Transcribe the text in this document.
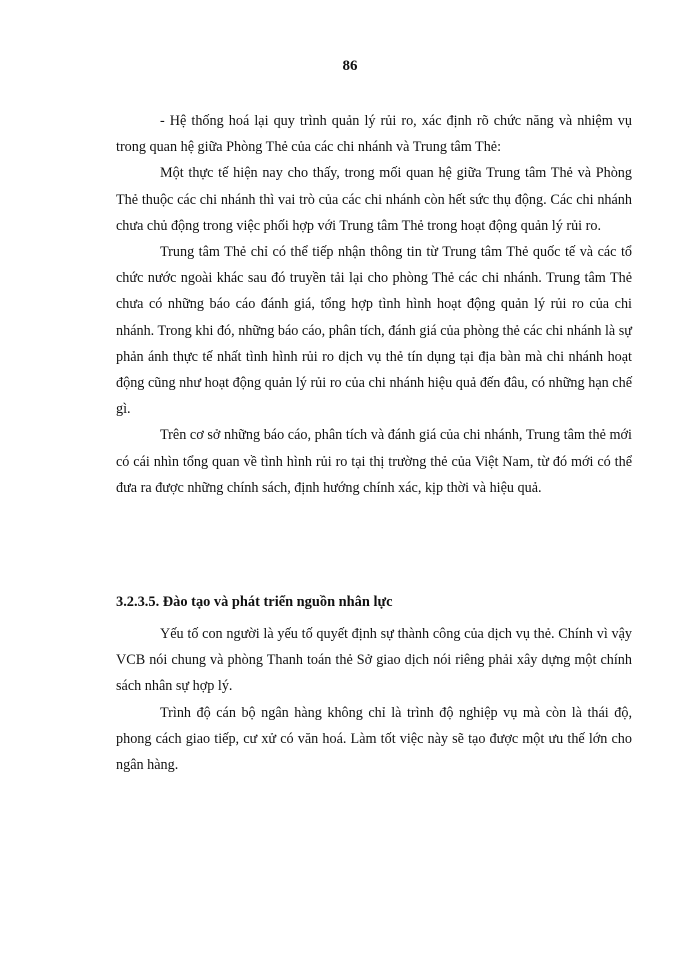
86

- Hệ thống hoá lại quy trình quản lý rủi ro, xác định rõ chức năng và nhiệm vụ trong quan hệ giữa Phòng Thẻ của các chi nhánh và Trung tâm Thẻ:

Một thực tế hiện nay cho thấy, trong mối quan hệ giữa Trung tâm Thẻ và Phòng Thẻ thuộc các chi nhánh thì vai trò của các chi nhánh còn hết sức thụ động. Các chi nhánh chưa chủ động trong việc phối hợp với Trung tâm Thẻ trong hoạt động quản lý rủi ro.

Trung tâm Thẻ chỉ có thể tiếp nhận thông tin từ Trung tâm Thẻ quốc tế và các tổ chức nước ngoài khác sau đó truyền tải lại cho phòng Thẻ các chi nhánh. Trung tâm Thẻ chưa có những báo cáo đánh giá, tổng hợp tình hình hoạt động quản lý rủi ro của chi nhánh. Trong khi đó, những báo cáo, phân tích, đánh giá của phòng thẻ các chi nhánh là sự phản ánh thực tế nhất tình hình rủi ro dịch vụ thẻ tín dụng tại địa bàn mà chi nhánh hoạt động cũng như hoạt động quản lý rủi ro của chi nhánh hiệu quả đến đâu, có những hạn chế gì.

Trên cơ sở những báo cáo, phân tích và đánh giá của chi nhánh, Trung tâm thẻ mới có cái nhìn tổng quan về tình hình rủi ro tại thị trường thẻ của Việt Nam, từ đó mới có thể đưa ra được những chính sách, định hướng chính xác, kịp thời và hiệu quả.

3.2.3.5. Đào tạo và phát triển nguồn nhân lực

Yếu tố con người là yếu tố quyết định sự thành công của dịch vụ thẻ. Chính vì vậy VCB nói chung và phòng Thanh toán thẻ Sở giao dịch nói riêng phải xây dựng một chính sách nhân sự hợp lý.

Trình độ cán bộ ngân hàng không chỉ là trình độ nghiệp vụ mà còn là thái độ, phong cách giao tiếp, cư xử có văn hoá. Làm tốt việc này sẽ tạo được một ưu thế lớn cho ngân hàng.
